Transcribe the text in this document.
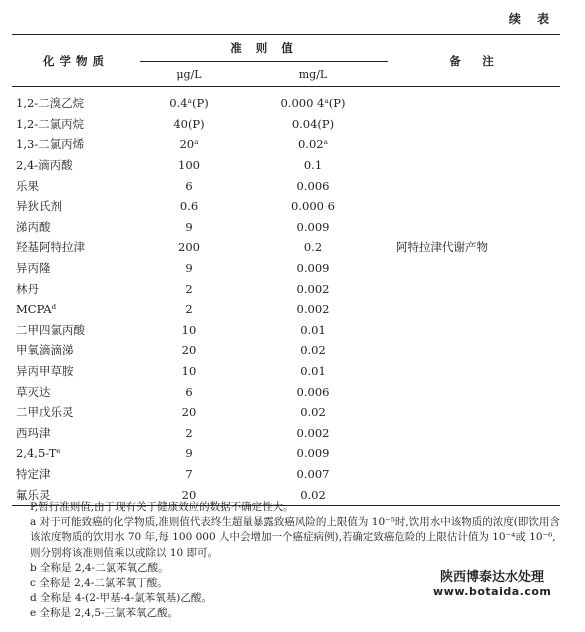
续 表
化学物质	准 则 值		备　注
	μg/L	mg/L	

1,2-二溴乙烷	0.4ᵃ(P)	0.000 4ᵃ(P)	
1,2-二氯丙烷	40(P)	0.04(P)	
1,3-二氯丙烯	20ᵃ	0.02ᵃ	
2,4-滴丙酸	100	0.1	
乐果	6	0.006	
异狄氏剂	0.6	0.000 6	
涕丙酸	9	0.009	
羟基阿特拉津	200	0.2	阿特拉津代谢产物
异丙隆	9	0.009	
林丹	2	0.002	
MCPAᵈ	2	0.002	
二甲四氯丙酸	10	0.01	
甲氧滴滴涕	20	0.02	
异丙甲草胺	10	0.01	
草灭达	6	0.006	
二甲戊乐灵	20	0.02	
西玛津	2	0.002	
2,4,5-Tᵉ	9	0.009	
特定津	7	0.007	
氟乐灵	20	0.02	

P,暂行准则值,由于现有关于健康效应的数据不确定性大。

a 对于可能致癌的化学物质,准则值代表终生超量暴露致癌风险的上限值为 10⁻⁵时,饮用水中该物质的浓度(即饮用含该浓度物质的饮用水 70 年,每 100 000 人中会增加一个癌症病例),若确定致癌危险的上限估计值为 10⁻⁴或 10⁻⁶,则分别将该准则值乘以或除以 10 即可。

b 全称是 2,4-二氯苯氧乙酸。

c 全称是 2,4-二氯苯氧丁酸。

d 全称是 4-(2-甲基-4-氯苯氧基)乙酸。

e 全称是 2,4,5-三氯苯氧乙酸。

陕西博泰达水处理
www.botaida.com
